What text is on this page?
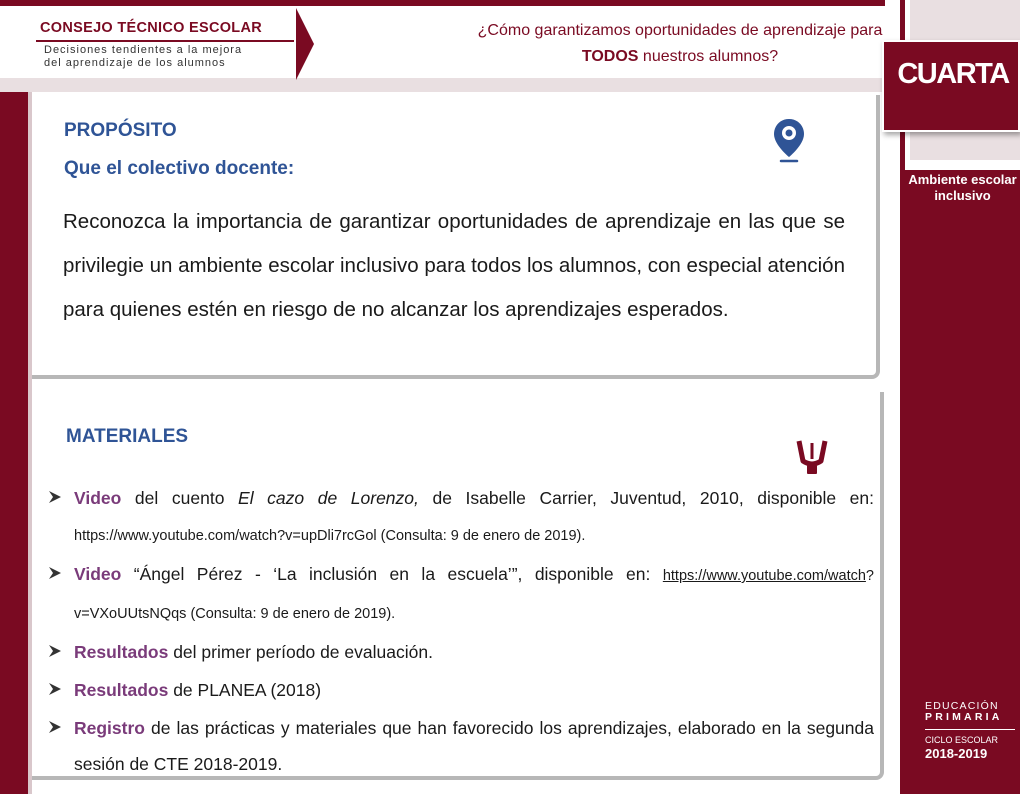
CONSEJO TÉCNICO ESCOLAR
Decisiones tendientes a la mejora
del aprendizaje de los alumnos
¿Cómo garantizamos oportunidades de aprendizaje para TODOS nuestros alumnos?
CUARTA
Ambiente escolar inclusivo
EDUCACIÓN
PRIMARIA
CICLO ESCOLAR
2018-2019
PROPÓSITO
Que el colectivo docente:
Reconozca la importancia de garantizar oportunidades de aprendizaje en las que se privilegie un ambiente escolar inclusivo para todos los alumnos, con especial atención para quienes estén en riesgo de no alcanzar los aprendizajes esperados.
MATERIALES
Video del cuento El cazo de Lorenzo, de Isabelle Carrier, Juventud, 2010, disponible en: https://www.youtube.com/watch?v=upDli7rcGol (Consulta: 9 de enero de 2019).
Video “Ángel Pérez - ‘La inclusión en la escuela’”, disponible en: https://www.youtube.com/watch?v=VXoUUtsNQqs (Consulta: 9 de enero de 2019).
Resultados del primer período de evaluación.
Resultados de PLANEA (2018)
Registro de las prácticas y materiales que han favorecido los aprendizajes, elaborado en la segunda sesión de CTE 2018-2019.
